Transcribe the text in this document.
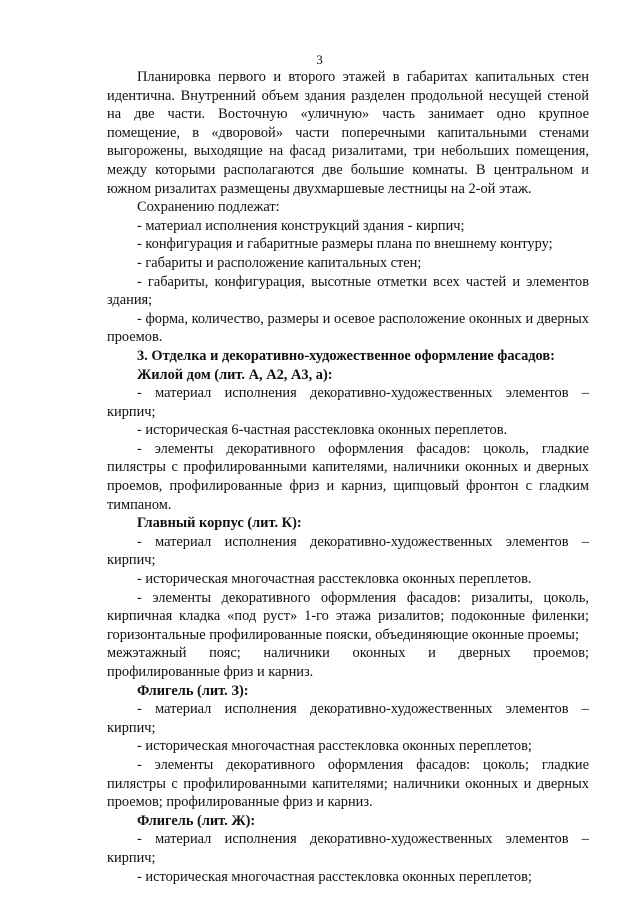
3

Планировка первого и второго этажей в габаритах капитальных стен идентична. Внутренний объем здания разделен продольной несущей стеной на две части. Восточную «уличную» часть занимает одно крупное помещение, в «дворовой» части поперечными капитальными стенами выгорожены, выходящие на фасад ризалитами, три небольших помещения, между которыми располагаются две большие комнаты. В центральном и южном ризалитах размещены двухмаршевые лестницы на 2-ой этаж.

Сохранению подлежат:

- материал исполнения конструкций здания - кирпич;

- конфигурация и габаритные размеры плана по внешнему контуру;

- габариты и расположение капитальных стен;

- габариты, конфигурация, высотные отметки всех частей и элементов здания;

- форма, количество, размеры и осевое расположение оконных и дверных проемов.

3. Отделка и декоративно-художественное оформление фасадов:

Жилой дом (лит. А, А2, А3, а):

- материал исполнения декоративно-художественных элементов – кирпич;

- историческая 6-частная расстекловка оконных переплетов.

- элементы декоративного оформления фасадов: цоколь, гладкие пилястры с профилированными капителями, наличники оконных и дверных проемов, профилированные фриз и карниз, щипцовый фронтон с гладким тимпаном.

Главный корпус (лит. К):

- материал исполнения декоративно-художественных элементов – кирпич;

- историческая многочастная расстекловка оконных переплетов.

- элементы декоративного оформления фасадов: ризалиты, цоколь, кирпичная кладка «под руст» 1-го этажа ризалитов; подоконные филенки; горизонтальные профилированные пояски, объединяющие оконные проемы;

межэтажный пояс; наличники оконных и дверных проемов;

профилированные фриз и карниз.

Флигель (лит. З):

- материал исполнения декоративно-художественных элементов – кирпич;

- историческая многочастная расстекловка оконных переплетов;

- элементы декоративного оформления фасадов: цоколь; гладкие пилястры с профилированными капителями; наличники оконных и дверных проемов; профилированные фриз и карниз.

Флигель (лит. Ж):

- материал исполнения декоративно-художественных элементов – кирпич;

- историческая многочастная расстекловка оконных переплетов;
